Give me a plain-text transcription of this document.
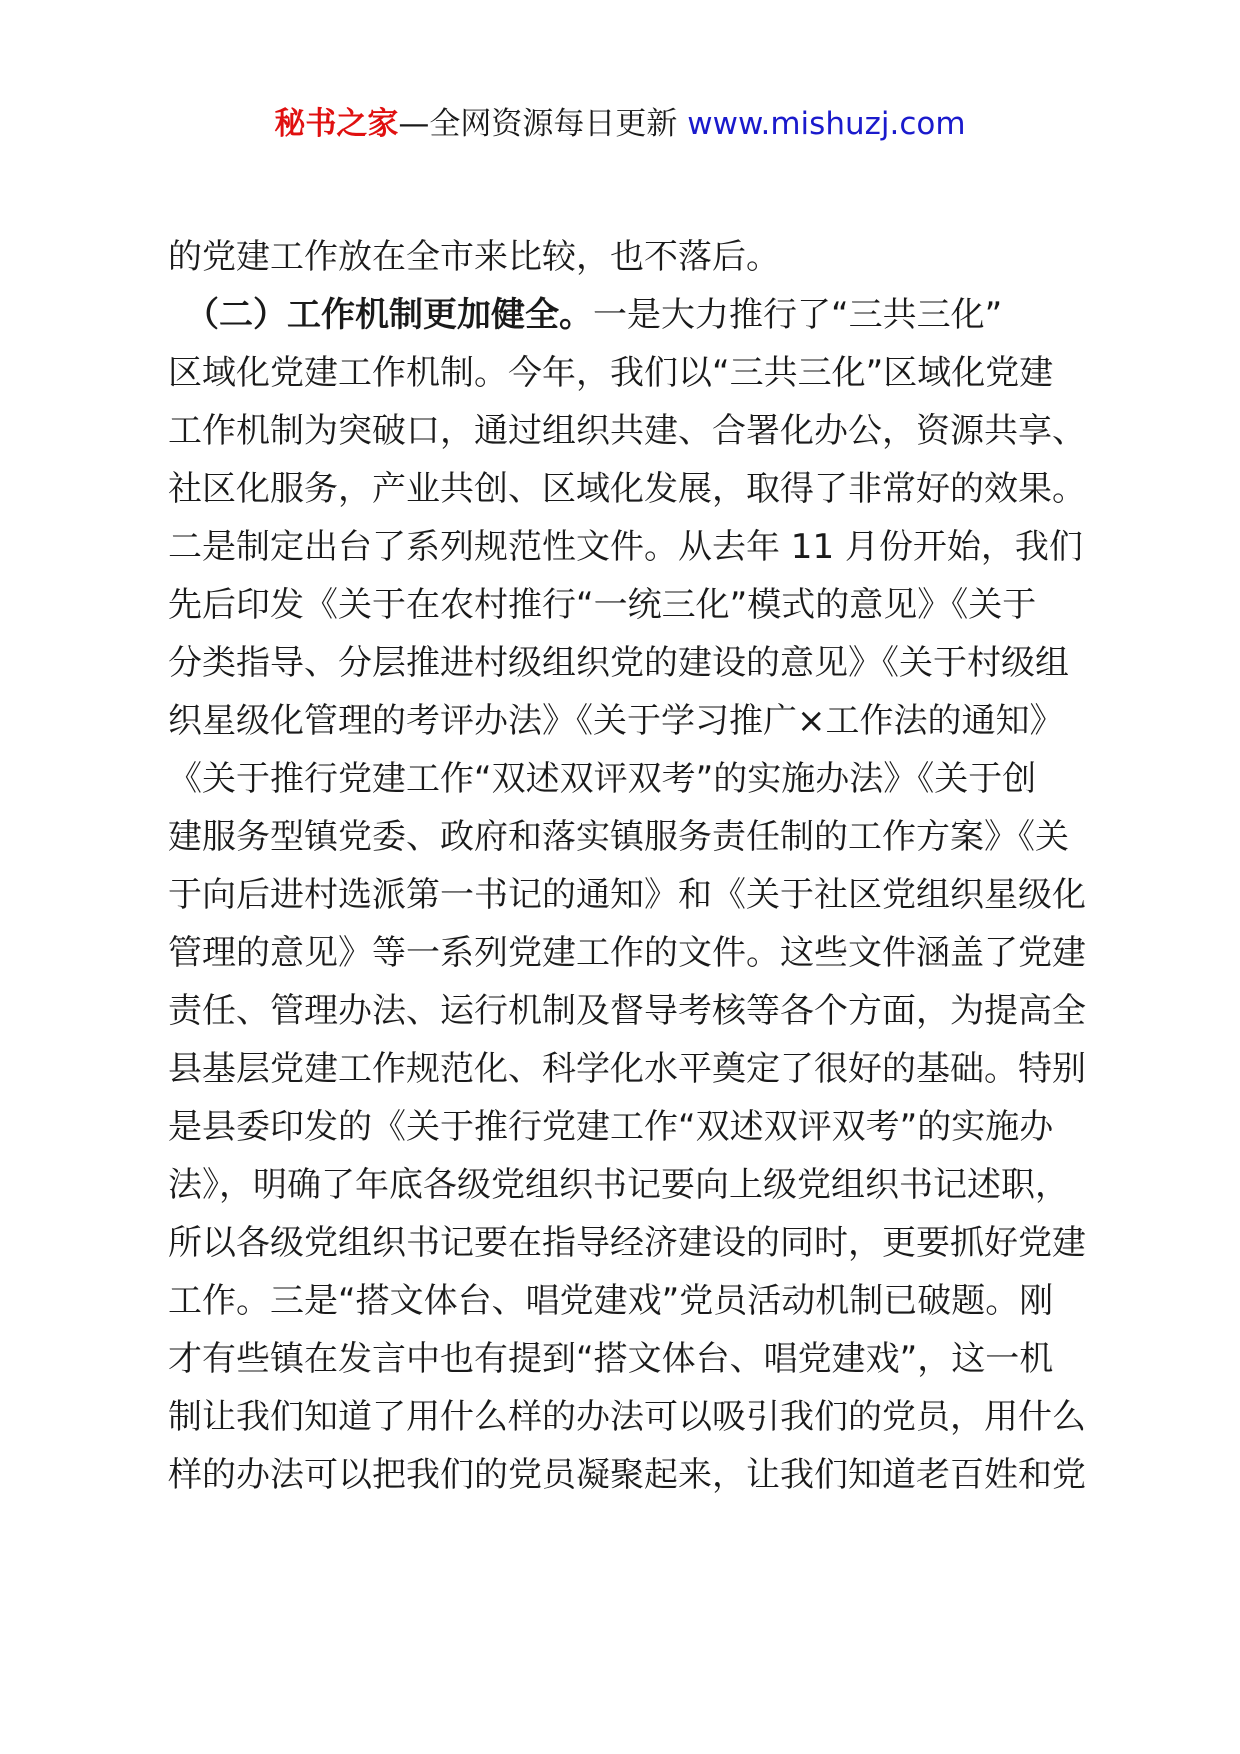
秘书之家—全网资源每日更新 www.mishuzj.com
的党建工作放在全市来比较，也不落后。
　（二）工作机制更加健全。一是大力推行了“三共三化”
区域化党建工作机制。今年，我们以“三共三化”区域化党建
工作机制为突破口，通过组织共建、合署化办公，资源共享、
社区化服务，产业共创、区域化发展，取得了非常好的效果。
二是制定出台了系列规范性文件。从去年 11 月份开始，我们
先后印发《关于在农村推行“一统三化”模式的意见》《关于
分类指导、分层推进村级组织党的建设的意见》《关于村级组
织星级化管理的考评办法》《关于学习推广×工作法的通知》
《关于推行党建工作“双述双评双考”的实施办法》《关于创
建服务型镇党委、政府和落实镇服务责任制的工作方案》《关
于向后进村选派第一书记的通知》和《关于社区党组织星级化
管理的意见》等一系列党建工作的文件。这些文件涵盖了党建
责任、管理办法、运行机制及督导考核等各个方面，为提高全
县基层党建工作规范化、科学化水平奠定了很好的基础。特别
是县委印发的《关于推行党建工作“双述双评双考”的实施办
法》，明确了年底各级党组织书记要向上级党组织书记述职，
所以各级党组织书记要在指导经济建设的同时，更要抓好党建
工作。三是“搭文体台、唱党建戏”党员活动机制已破题。刚
才有些镇在发言中也有提到“搭文体台、唱党建戏”，这一机
制让我们知道了用什么样的办法可以吸引我们的党员，用什么
样的办法可以把我们的党员凝聚起来，让我们知道老百姓和党
